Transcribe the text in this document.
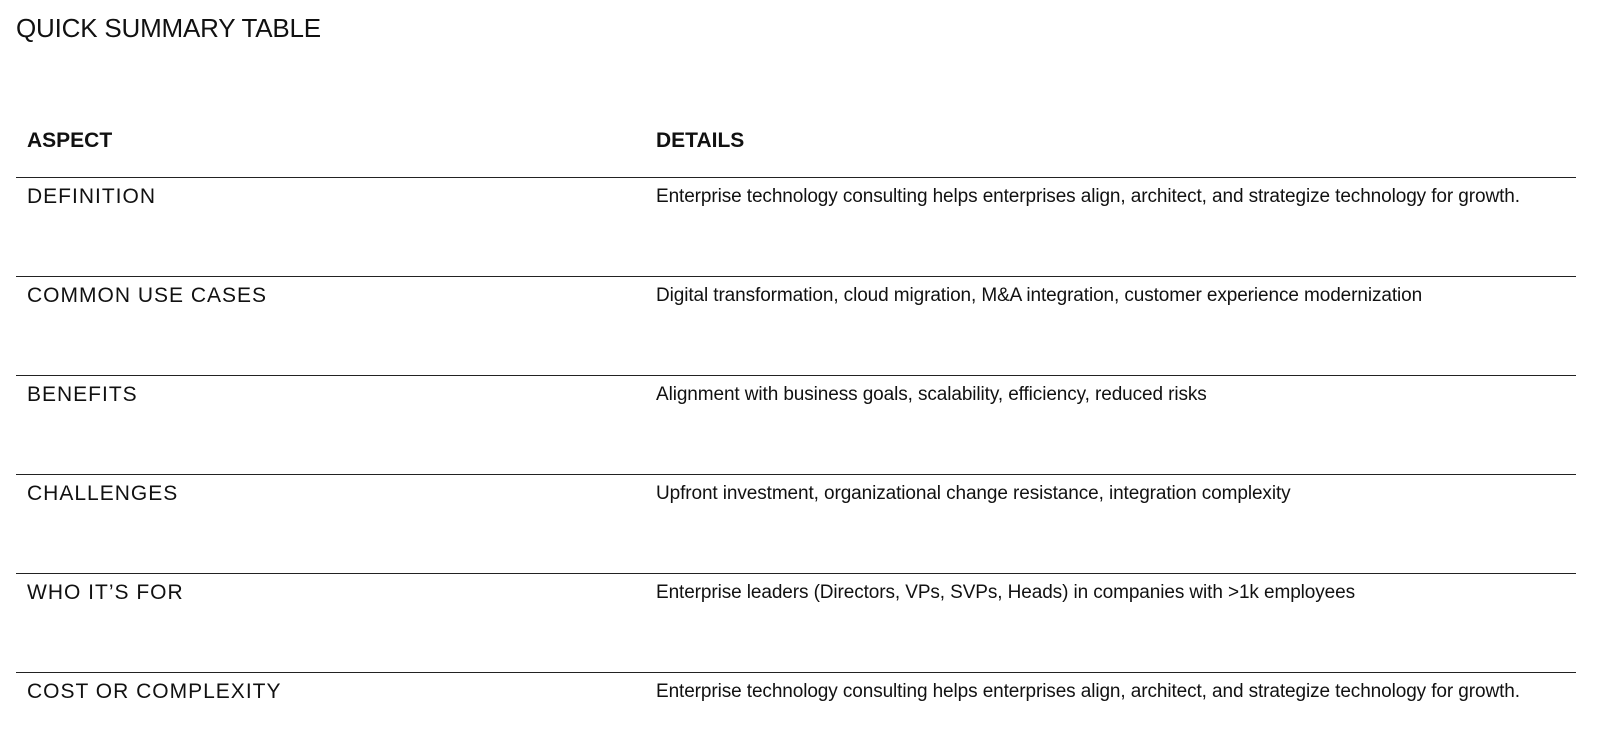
QUICK SUMMARY TABLE
ASPECT	DETAILS
DEFINITION	Enterprise technology consulting helps enterprises align, architect, and strategize technology for growth.
COMMON USE CASES	Digital transformation, cloud migration, M&A integration, customer experience modernization
BENEFITS	Alignment with business goals, scalability, efficiency, reduced risks
CHALLENGES	Upfront investment, organizational change resistance, integration complexity
WHO IT’S FOR	Enterprise leaders (Directors, VPs, SVPs, Heads) in companies with >1k employees
COST OR COMPLEXITY	Enterprise technology consulting helps enterprises align, architect, and strategize technology for growth.
